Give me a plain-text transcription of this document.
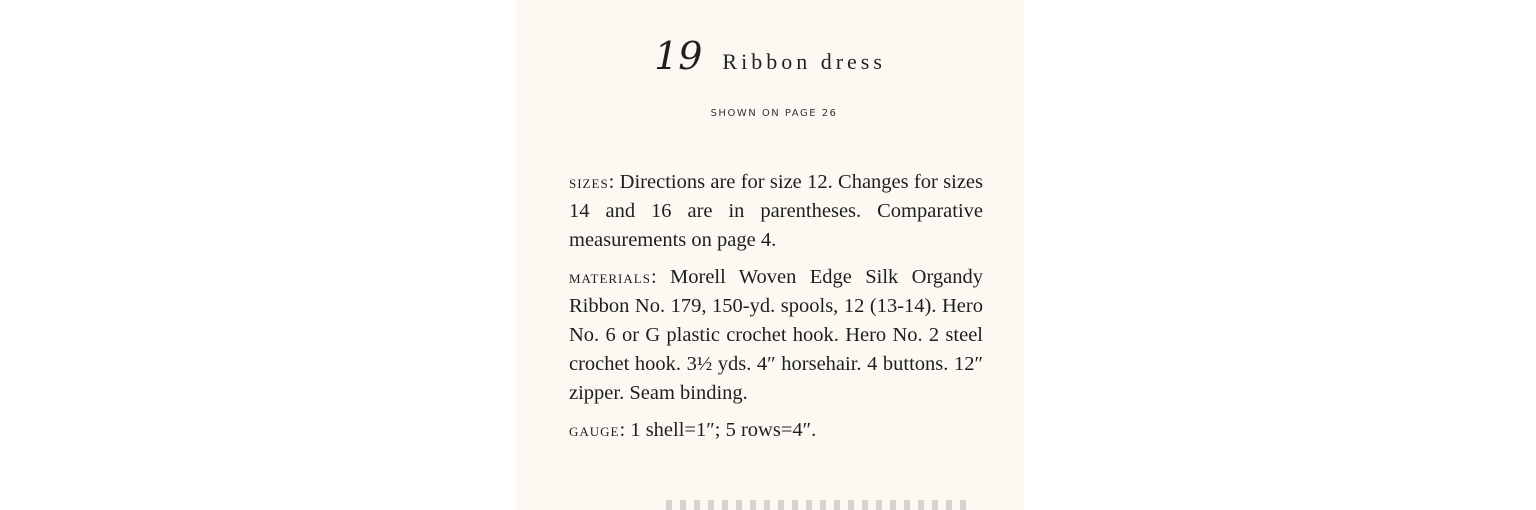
19 Ribbon dress
SHOWN ON PAGE 26

sizes: Directions are for size 12. Changes for sizes 14 and 16 are in parentheses. Comparative measurements on page 4.

materials: Morell Woven Edge Silk Organdy Ribbon No. 179, 150-yd. spools, 12 (13-14). Hero No. 6 or G plastic crochet hook. Hero No. 2 steel crochet hook. 3½ yds. 4″ horsehair. 4 buttons. 12″ zipper. Seam binding.

gauge: 1 shell=1″; 5 rows=4″.
